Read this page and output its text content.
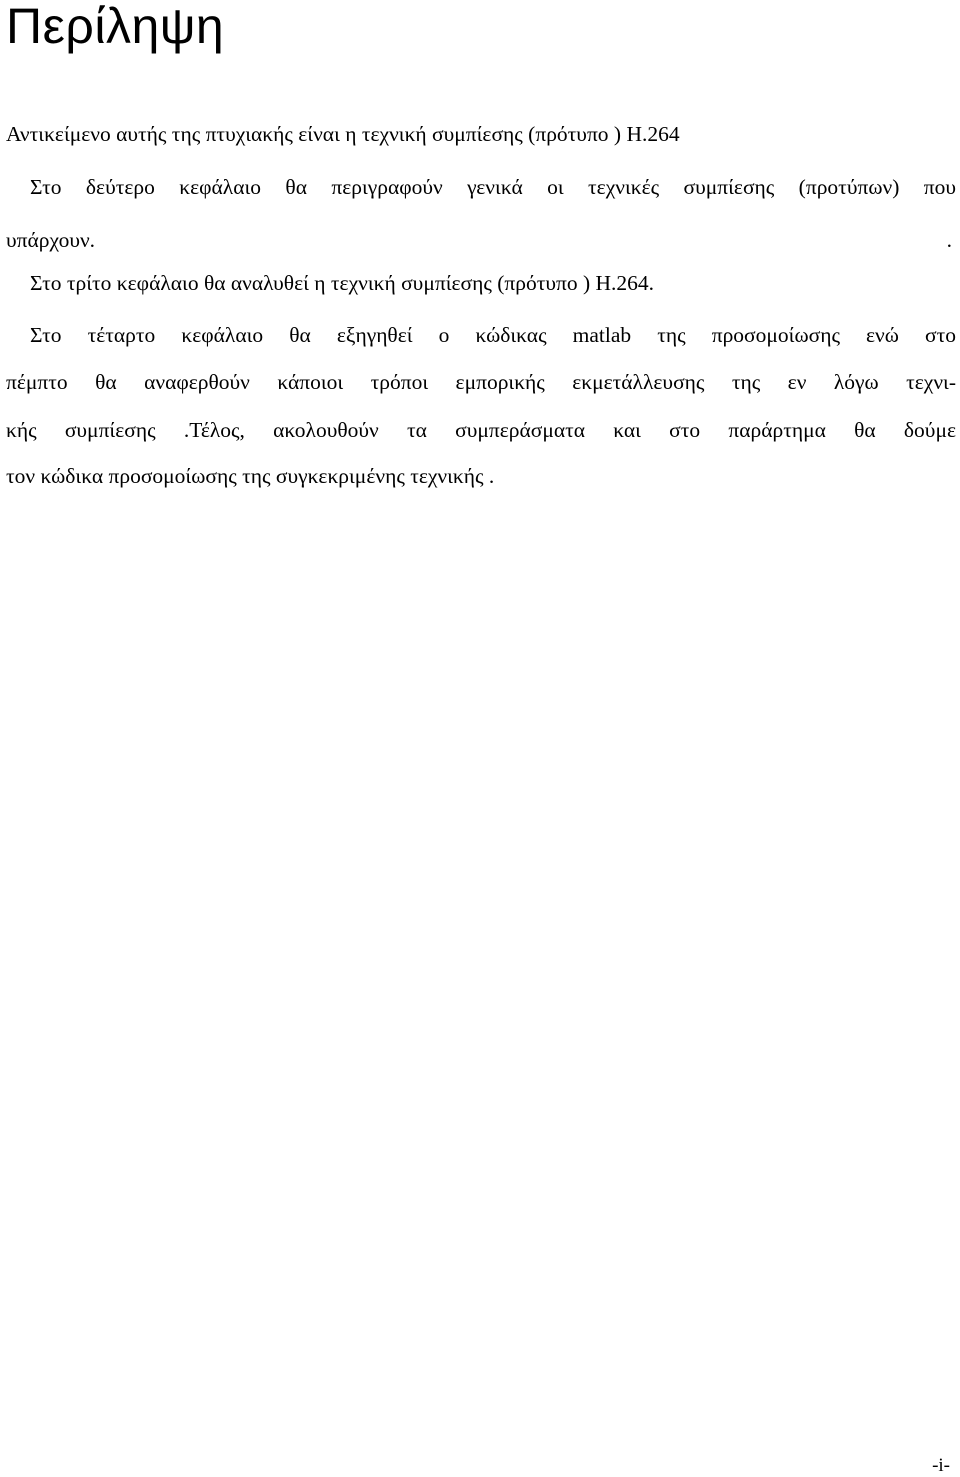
Περίληψη

Αντικείμενο αυτής της πτυχιακής είναι η τεχνική συμπίεσης (πρότυπο ) H.264

Στο δεύτερο κεφάλαιο θα περιγραφούν γενικά οι τεχνικές συμπίεσης (προτύπων) που

υπάρχουν.	.

Στο τρίτο κεφάλαιο θα αναλυθεί η τεχνική συμπίεσης (πρότυπο ) H.264.

Στο τέταρτο κεφάλαιο θα εξηγηθεί ο κώδικας matlab της προσομοίωσης ενώ στο

πέμπτο θα αναφερθούν κάποιοι τρόποι εμπορικής εκμετάλλευσης της εν λόγω τεχνι-

κής συμπίεσης .Τέλος, ακολουθούν τα συμπεράσματα και στο παράρτημα θα δούμε

τον κώδικα προσομοίωσης της συγκεκριμένης τεχνικής .

-i-
